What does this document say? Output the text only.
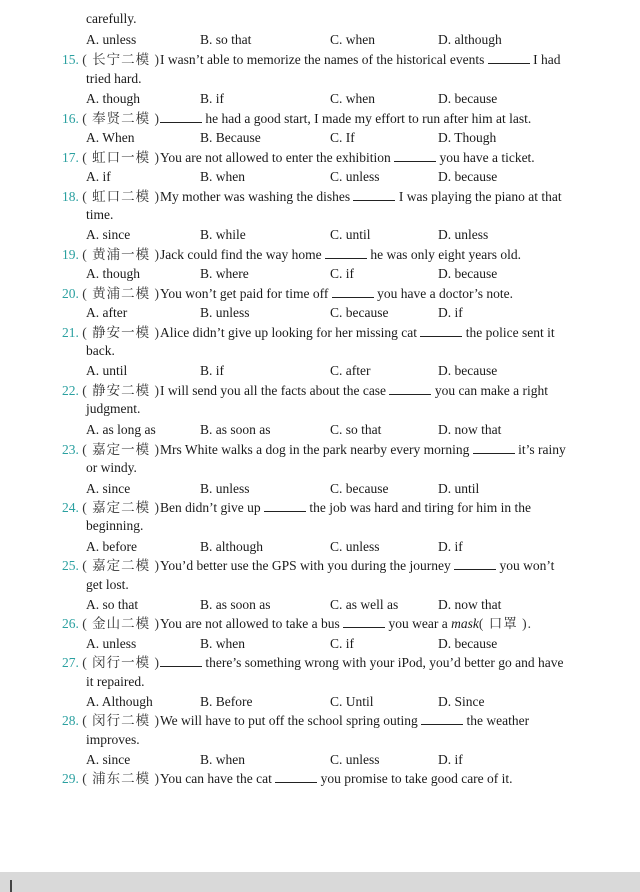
carefully.
A. unless	B. so that	C. when	D. although
15. ( 长宁二模 )I wasn’t able to memorize the names of the historical events	I had
tried hard.
A. though	B. if	C. when	D. because
16. ( 奉贤二模 )	he had a good start, I made my effort to run after him at last.
A. When	B. Because	C. If	D. Though
17. ( 虹口一模 )You are not allowed to enter the exhibition	you have a ticket.
A. if	B. when	C. unless	D. because
18. ( 虹口二模 )My mother was washing the dishes	I was playing the piano at that
time.
A. since	B. while	C. until	D. unless
19. ( 黄浦一模 )Jack could find the way home	he was only eight years old.
A. though	B. where	C. if	D. because
20. ( 黄浦二模 )You won’t get paid for time off	you have a doctor’s note.
A. after	B. unless	C. because	D. if
21. ( 静安一模 )Alice didn’t give up looking for her missing cat	the police sent it
back.
A. until	B. if	C. after	D. because
22. ( 静安二模 )I will send you all the facts about the case	you can make a right
judgment.
A. as long as	B. as soon as	C. so that	D. now that
23. ( 嘉定一模 )Mrs White walks a dog in the park nearby every morning	it’s rainy
or windy.
A. since	B. unless	C. because	D. until
24. ( 嘉定二模 )Ben didn’t give up	the job was hard and tiring for him in the
beginning.
A. before	B. although	C. unless	D. if
25. ( 嘉定二模 )You’d better use the GPS with you during the journey	you won’t
get lost.
A. so that	B. as soon as	C. as well as	D. now that
26. ( 金山二模 )You are not allowed to take a bus	you wear a mask( 口罩 ).
A. unless	B. when	C. if	D. because
27. ( 闵行一模 )	there’s something wrong with your iPod, you’d better go and have
it repaired.
A. Although	B. Before	C. Until	D. Since
28. ( 闵行二模 )We will have to put off the school spring outing	the weather
improves.
A. since	B. when	C. unless	D. if
29. ( 浦东二模 )You can have the cat	you promise to take good care of it.
